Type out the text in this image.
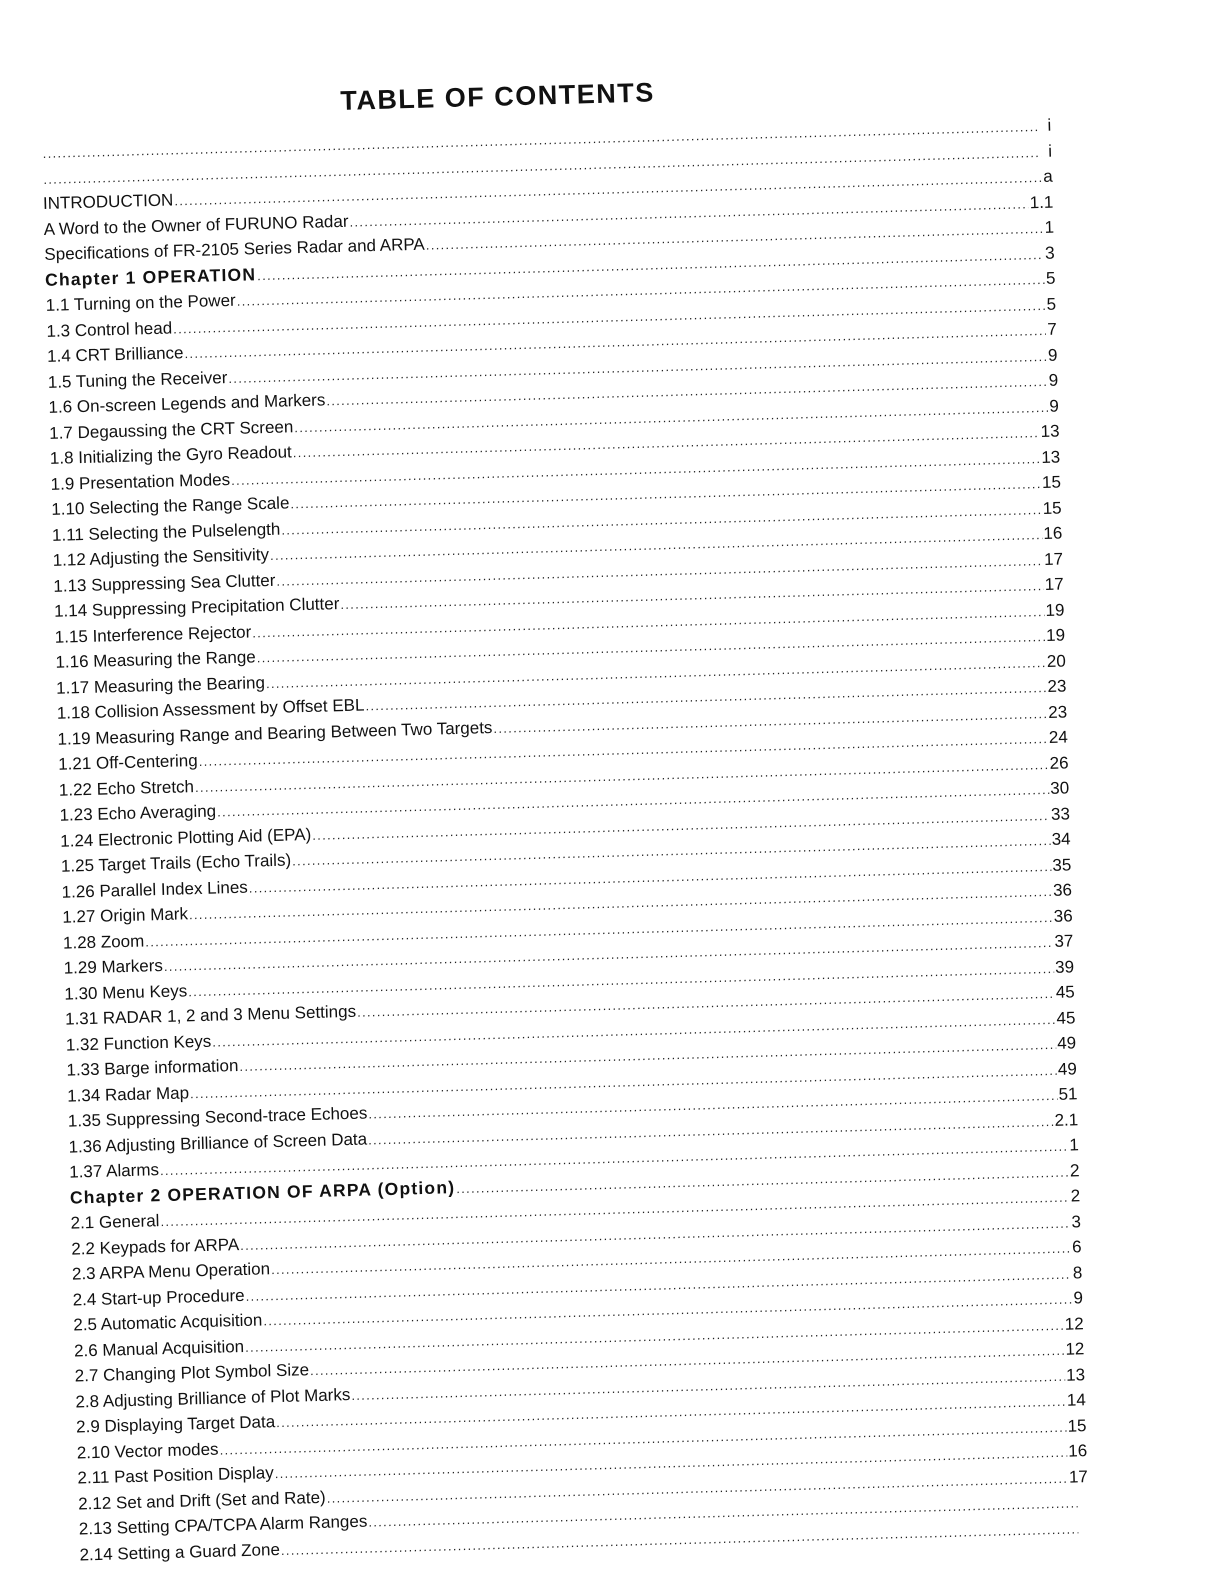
TABLE OF CONTENTS
.....
i
.....
i
INTRODUCTION
.....
a
A Word to the Owner of FURUNO Radar
.....
1.1
Specifications of FR-2105 Series Radar and ARPA
.....
1
Chapter 1 OPERATION
.....
3
1.1 Turning on the Power
.....
5
1.3 Control head
.....
5
1.4 CRT Brilliance
.....
7
1.5 Tuning the Receiver
.....
9
1.6 On-screen Legends and Markers
.....
9
1.7 Degaussing the CRT Screen
.....
9
1.8 Initializing the Gyro Readout
.....
13
1.9 Presentation Modes
.....
13
1.10 Selecting the Range Scale
.....
15
1.11 Selecting the Pulselength
.....
15
1.12 Adjusting the Sensitivity
.....
16
1.13 Suppressing Sea Clutter
.....
17
1.14 Suppressing Precipitation Clutter
.....
17
1.15 Interference Rejector
.....
19
1.16 Measuring the Range
.....
19
1.17 Measuring the Bearing
.....
20
1.18 Collision Assessment by Offset EBL
.....
23
1.19 Measuring Range and Bearing Between Two Targets
.....
23
1.21 Off-Centering
.....
24
1.22 Echo Stretch
.....
26
1.23 Echo Averaging
.....
30
1.24 Electronic Plotting Aid (EPA)
.....
33
1.25 Target Trails (Echo Trails)
.....
34
1.26 Parallel Index Lines
.....
35
1.27 Origin Mark
.....
36
1.28 Zoom
.....
36
1.29 Markers
.....
37
1.30 Menu Keys
.....
39
1.31 RADAR 1, 2 and 3 Menu Settings
.....
45
1.32 Function Keys
.....
45
1.33 Barge information
.....
49
1.34 Radar Map
.....
49
1.35 Suppressing Second-trace Echoes
.....
51
1.36 Adjusting Brilliance of Screen Data
.....
2.1
1.37 Alarms
.....
1
Chapter 2 OPERATION OF ARPA (Option)
.....
2
2.1 General
.....
2
2.2 Keypads for ARPA
.....
3
2.3 ARPA Menu Operation
.....
6
2.4 Start-up Procedure
.....
8
2.5 Automatic Acquisition
.....
9
2.6 Manual Acquisition
.....
12
2.7 Changing Plot Symbol Size
.....
12
2.8 Adjusting Brilliance of Plot Marks
.....
13
2.9 Displaying Target Data
.....
14
2.10 Vector modes
.....
15
2.11 Past Position Display
.....
16
2.12 Set and Drift (Set and Rate)
.....
17
2.13 Setting CPA/TCPA Alarm Ranges
.....
2.14 Setting a Guard Zone
.....
